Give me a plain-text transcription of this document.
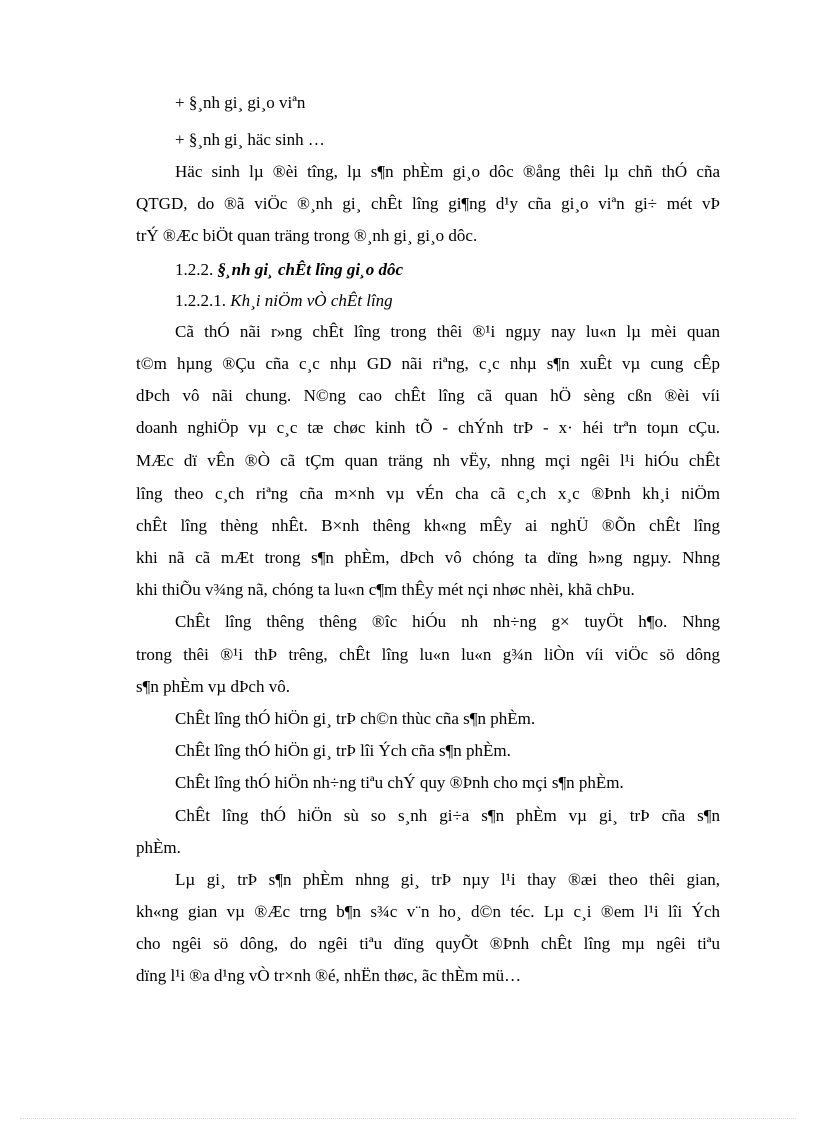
+ §¸nh gi¸ gi¸o viªn
+ §¸nh gi¸ häc sinh …
Häc sinh lµ ®èi tîng, lµ s¶n phÈm gi¸o dôc ®ång thêi lµ chñ thÓ cña
QTGD, do ®ã viÖc ®¸nh gi¸ chÊt lîng gi¶ng d¹y cña gi¸o viªn gi÷ mét vÞ
trÝ ®Æc biÖt quan träng trong ®¸nh gi¸ gi¸o dôc.
1.2.2. §¸nh gi¸ chÊt lîng gi¸o dôc
1.2.2.1. Kh¸i niÖm vÒ chÊt lîng
Cã thÓ nãi r»ng chÊt lîng trong thêi ®¹i ngµy nay lu«n lµ mèi quan
t©m hµng ®Çu cña c¸c nhµ GD nãi riªng, c¸c nhµ s¶n xuÊt vµ cung cÊp
dÞch vô nãi chung. N©ng cao chÊt lîng cã quan hÖ sèng cßn ®èi víi
doanh nghiÖp vµ c¸c tæ chøc kinh tÕ - chÝnh trÞ - x· héi trªn toµn cÇu.
MÆc dï vÊn ®Ò cã tÇm quan träng nh vËy, nhng mçi ngêi l¹i hiÓu chÊt
lîng theo c¸ch riªng cña m×nh vµ vÉn cha cã c¸ch x¸c ®Þnh kh¸i niÖm
chÊt lîng thèng nhÊt. B×nh thêng kh«ng mÊy ai nghÜ ®Õn chÊt lîng
khi nã cã mÆt trong s¶n phÈm, dÞch vô chóng ta dïng h»ng ngµy. Nhng
khi thiÕu v¾ng nã, chóng ta lu«n c¶m thÊy mét nçi nhøc nhèi, khã chÞu.
ChÊt lîng thêng thêng ®îc hiÓu nh nh÷ng g× tuyÖt h¶o. Nhng
trong thêi ®¹i thÞ trêng, chÊt lîng lu«n lu«n g¾n liÒn víi viÖc sö dông
s¶n phÈm vµ dÞch vô.
ChÊt lîng thÓ hiÖn gi¸ trÞ ch©n thùc cña s¶n phÈm.
ChÊt lîng thÓ hiÖn gi¸ trÞ lîi Ých cña s¶n phÈm.
ChÊt lîng thÓ hiÖn nh÷ng tiªu chÝ quy ®Þnh cho mçi s¶n phÈm.
ChÊt lîng thÓ hiÖn sù so s¸nh gi÷a s¶n phÈm vµ gi¸ trÞ cña s¶n
phÈm.
Lµ gi¸ trÞ s¶n phÈm nhng gi¸ trÞ nµy l¹i thay ®æi theo thêi gian,
kh«ng gian vµ ®Æc trng b¶n s¾c v¨n ho¸ d©n téc. Lµ c¸i ®em l¹i lîi Ých
cho ngêi sö dông, do ngêi tiªu dïng quyÕt ®Þnh chÊt lîng mµ ngêi tiªu
dïng l¹i ®a d¹ng vÒ tr×nh ®é, nhËn thøc, ãc thÈm mü…
